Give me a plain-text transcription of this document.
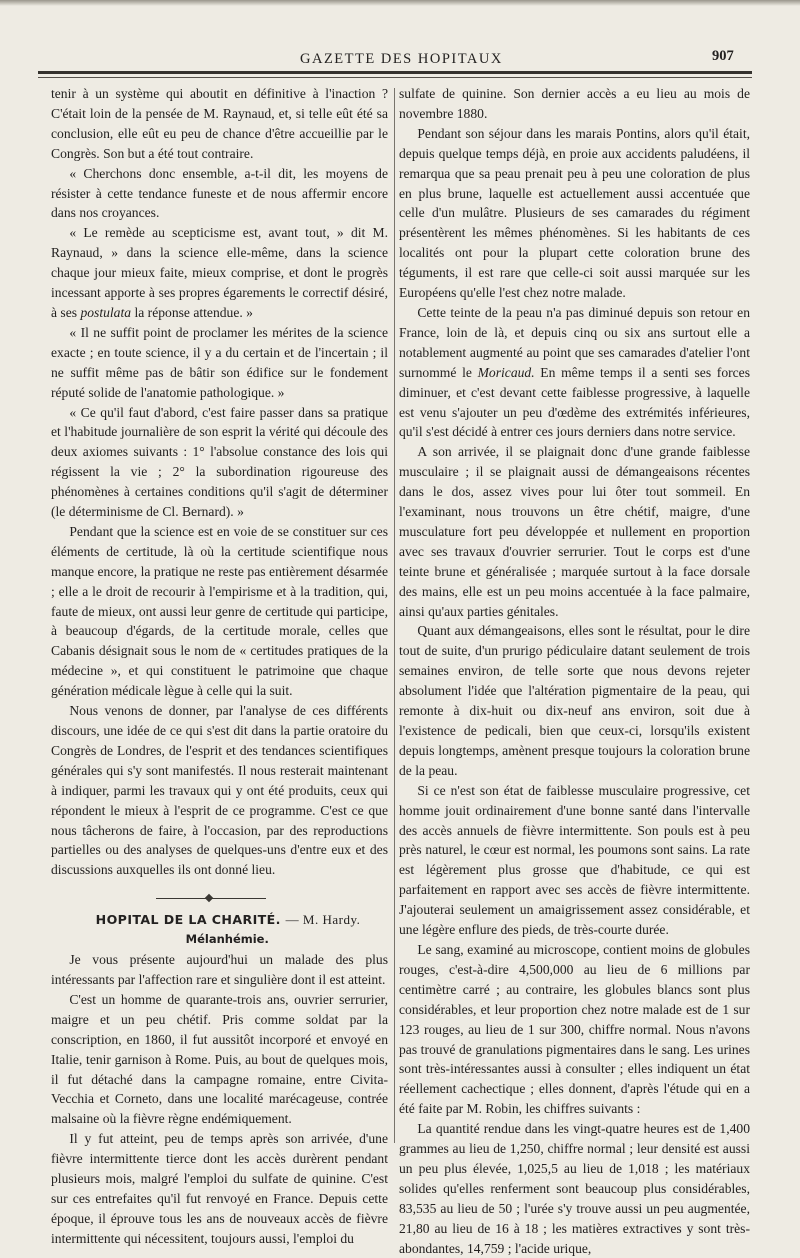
GAZETTE DES HOPITAUX	907

tenir à un système qui aboutit en définitive à l'inaction ? C'était loin de la pensée de M. Raynaud, et, si telle eût été sa conclusion, elle eût eu peu de chance d'être accueillie par le Congrès. Son but a été tout contraire.

« Cherchons donc ensemble, a-t-il dit, les moyens de résister à cette tendance funeste et de nous affermir encore dans nos croyances.

« Le remède au scepticisme est, avant tout, » dit M. Raynaud, » dans la science elle-même, dans la science chaque jour mieux faite, mieux comprise, et dont le progrès incessant apporte à ses propres égarements le correctif désiré, à ses postulata la réponse attendue. »

« Il ne suffit point de proclamer les mérites de la science exacte ; en toute science, il y a du certain et de l'incertain ; il ne suffit même pas de bâtir son édifice sur le fondement réputé solide de l'anatomie pathologique. »

« Ce qu'il faut d'abord, c'est faire passer dans sa pratique et l'habitude journalière de son esprit la vérité qui découle des deux axiomes suivants : 1° l'absolue constance des lois qui régissent la vie ; 2° la subordination rigoureuse des phénomènes à certaines conditions qu'il s'agit de déterminer (le déterminisme de Cl. Bernard). »

Pendant que la science est en voie de se constituer sur ces éléments de certitude, là où la certitude scientifique nous manque encore, la pratique ne reste pas entièrement désarmée ; elle a le droit de recourir à l'empirisme et à la tradition, qui, faute de mieux, ont aussi leur genre de certitude qui participe, à beaucoup d'égards, de la certitude morale, celles que Cabanis désignait sous le nom de « certitudes pratiques de la médecine », et qui constituent le patrimoine que chaque génération médicale lègue à celle qui la suit.

Nous venons de donner, par l'analyse de ces différents discours, une idée de ce qui s'est dit dans la partie oratoire du Congrès de Londres, de l'esprit et des tendances scientifiques générales qui s'y sont manifestés. Il nous resterait maintenant à indiquer, parmi les travaux qui y ont été produits, ceux qui répondent le mieux à l'esprit de ce programme. C'est ce que nous tâcherons de faire, à l'occasion, par des reproductions partielles ou des analyses de quelques-uns d'entre eux et des discussions auxquelles ils ont donné lieu.

HOPITAL DE LA CHARITÉ. — M. Hardy.

Mélanhémie.

Je vous présente aujourd'hui un malade des plus intéressants par l'affection rare et singulière dont il est atteint.

C'est un homme de quarante-trois ans, ouvrier serrurier, maigre et un peu chétif. Pris comme soldat par la conscription, en 1860, il fut aussitôt incorporé et envoyé en Italie, tenir garnison à Rome. Puis, au bout de quelques mois, il fut détaché dans la campagne romaine, entre Civita-Vecchia et Corneto, dans une localité marécageuse, contrée malsaine où la fièvre règne endémiquement.

Il y fut atteint, peu de temps après son arrivée, d'une fièvre intermittente tierce dont les accès durèrent pendant plusieurs mois, malgré l'emploi du sulfate de quinine. C'est sur ces entrefaites qu'il fut renvoyé en France. Depuis cette époque, il éprouve tous les ans de nouveaux accès de fièvre intermittente qui nécessitent, toujours aussi, l'emploi du

sulfate de quinine. Son dernier accès a eu lieu au mois de novembre 1880.

Pendant son séjour dans les marais Pontins, alors qu'il était, depuis quelque temps déjà, en proie aux accidents paludéens, il remarqua que sa peau prenait peu à peu une coloration de plus en plus brune, laquelle est actuellement aussi accentuée que celle d'un mulâtre. Plusieurs de ses camarades du régiment présentèrent les mêmes phénomènes. Si les habitants de ces localités ont pour la plupart cette coloration brune des téguments, il est rare que celle-ci soit aussi marquée sur les Européens qu'elle l'est chez notre malade.

Cette teinte de la peau n'a pas diminué depuis son retour en France, loin de là, et depuis cinq ou six ans surtout elle a notablement augmenté au point que ses camarades d'atelier l'ont surnommé le Moricaud. En même temps il a senti ses forces diminuer, et c'est devant cette faiblesse progressive, à laquelle est venu s'ajouter un peu d'œdème des extrémités inférieures, qu'il s'est décidé à entrer ces jours derniers dans notre service.

A son arrivée, il se plaignait donc d'une grande faiblesse musculaire ; il se plaignait aussi de démangeaisons récentes dans le dos, assez vives pour lui ôter tout sommeil. En l'examinant, nous trouvons un être chétif, maigre, d'une musculature fort peu développée et nullement en proportion avec ses travaux d'ouvrier serrurier. Tout le corps est d'une teinte brune et généralisée ; marquée surtout à la face dorsale des mains, elle est un peu moins accentuée à la face palmaire, ainsi qu'aux parties génitales.

Quant aux démangeaisons, elles sont le résultat, pour le dire tout de suite, d'un prurigo pédiculaire datant seulement de trois semaines environ, de telle sorte que nous devons rejeter absolument l'idée que l'altération pigmentaire de la peau, qui remonte à dix-huit ou dix-neuf ans environ, soit due à l'existence de pedicali, bien que ceux-ci, lorsqu'ils existent depuis longtemps, amènent presque toujours la coloration brune de la peau.

Si ce n'est son état de faiblesse musculaire progressive, cet homme jouit ordinairement d'une bonne santé dans l'intervalle des accès annuels de fièvre intermittente. Son pouls est à peu près naturel, le cœur est normal, les poumons sont sains. La rate est légèrement plus grosse que d'habitude, ce qui est parfaitement en rapport avec ses accès de fièvre intermittente. J'ajouterai seulement un amaigrissement assez considérable, et une légère enflure des pieds, de très-courte durée.

Le sang, examiné au microscope, contient moins de globules rouges, c'est-à-dire 4,500,000 au lieu de 6 millions par centimètre carré ; au contraire, les globules blancs sont plus considérables, et leur proportion chez notre malade est de 1 sur 123 rouges, au lieu de 1 sur 300, chiffre normal. Nous n'avons pas trouvé de granulations pigmentaires dans le sang. Les urines sont très-intéressantes aussi à consulter ; elles indiquent un état réellement cachectique ; elles donnent, d'après l'étude qui en a été faite par M. Robin, les chiffres suivants :

La quantité rendue dans les vingt-quatre heures est de 1,400 grammes au lieu de 1,250, chiffre normal ; leur densité est aussi un peu plus élevée, 1,025,5 au lieu de 1,018 ; les matériaux solides qu'elles renferment sont beaucoup plus considérables, 83,535 au lieu de 50 ; l'urée s'y trouve aussi un peu augmentée, 21,80 au lieu de 16 à 18 ; les matières extractives y sont très-abondantes, 14,759 ; l'acide urique,
